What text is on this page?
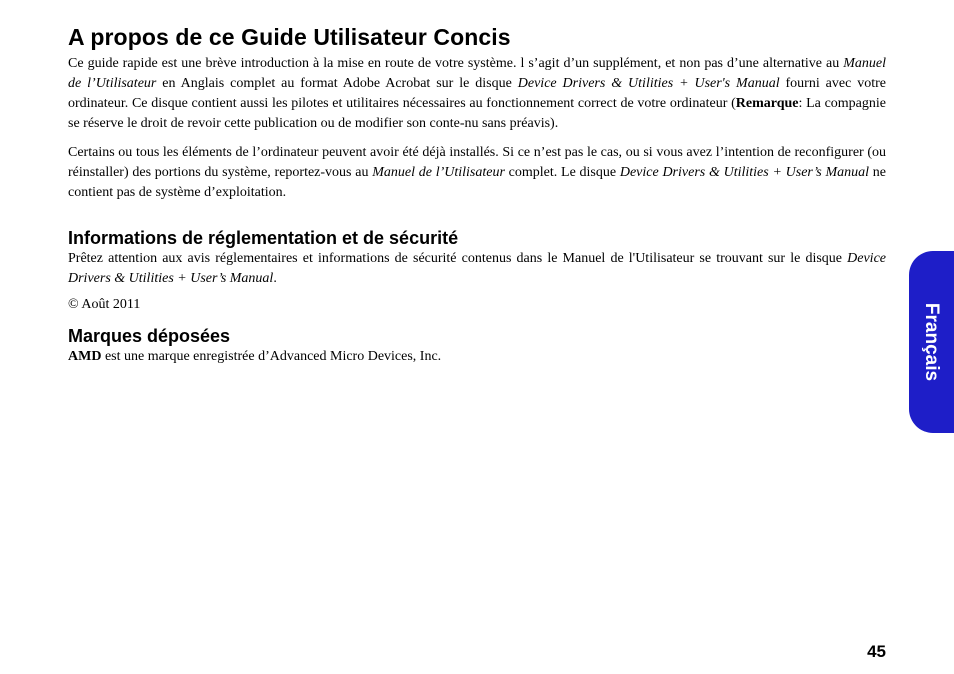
A propos de ce Guide Utilisateur Concis

Ce guide rapide est une brève introduction à la mise en route de votre système. l s’agit d’un supplément, et non pas d’une alternative au Manuel de l’Utilisateur en Anglais complet au format Adobe Acrobat sur le disque Device Drivers & Utilities + User's Manual fourni avec votre ordinateur. Ce disque contient aussi les pilotes et utilitaires nécessaires au fonctionnement correct de votre ordinateur (Remarque: La compagnie se réserve le droit de revoir cette publication ou de modifier son conte-nu sans préavis).

Certains ou tous les éléments de l’ordinateur peuvent avoir été déjà installés. Si ce n’est pas le cas, ou si vous avez l’intention de reconfigurer (ou réinstaller) des portions du système, reportez-vous au Manuel de l’Utilisateur complet. Le disque Device Drivers & Utilities + User’s Manual ne contient pas de système d’exploitation.

Informations de réglementation et de sécurité

Prêtez attention aux avis réglementaires et informations de sécurité contenus dans le Manuel de l'Utilisateur se trouvant sur le disque Device Drivers & Utilities + User’s Manual.

© Août 2011

Marques déposées

AMD est une marque enregistrée d’Advanced Micro Devices, Inc.	Français
45
